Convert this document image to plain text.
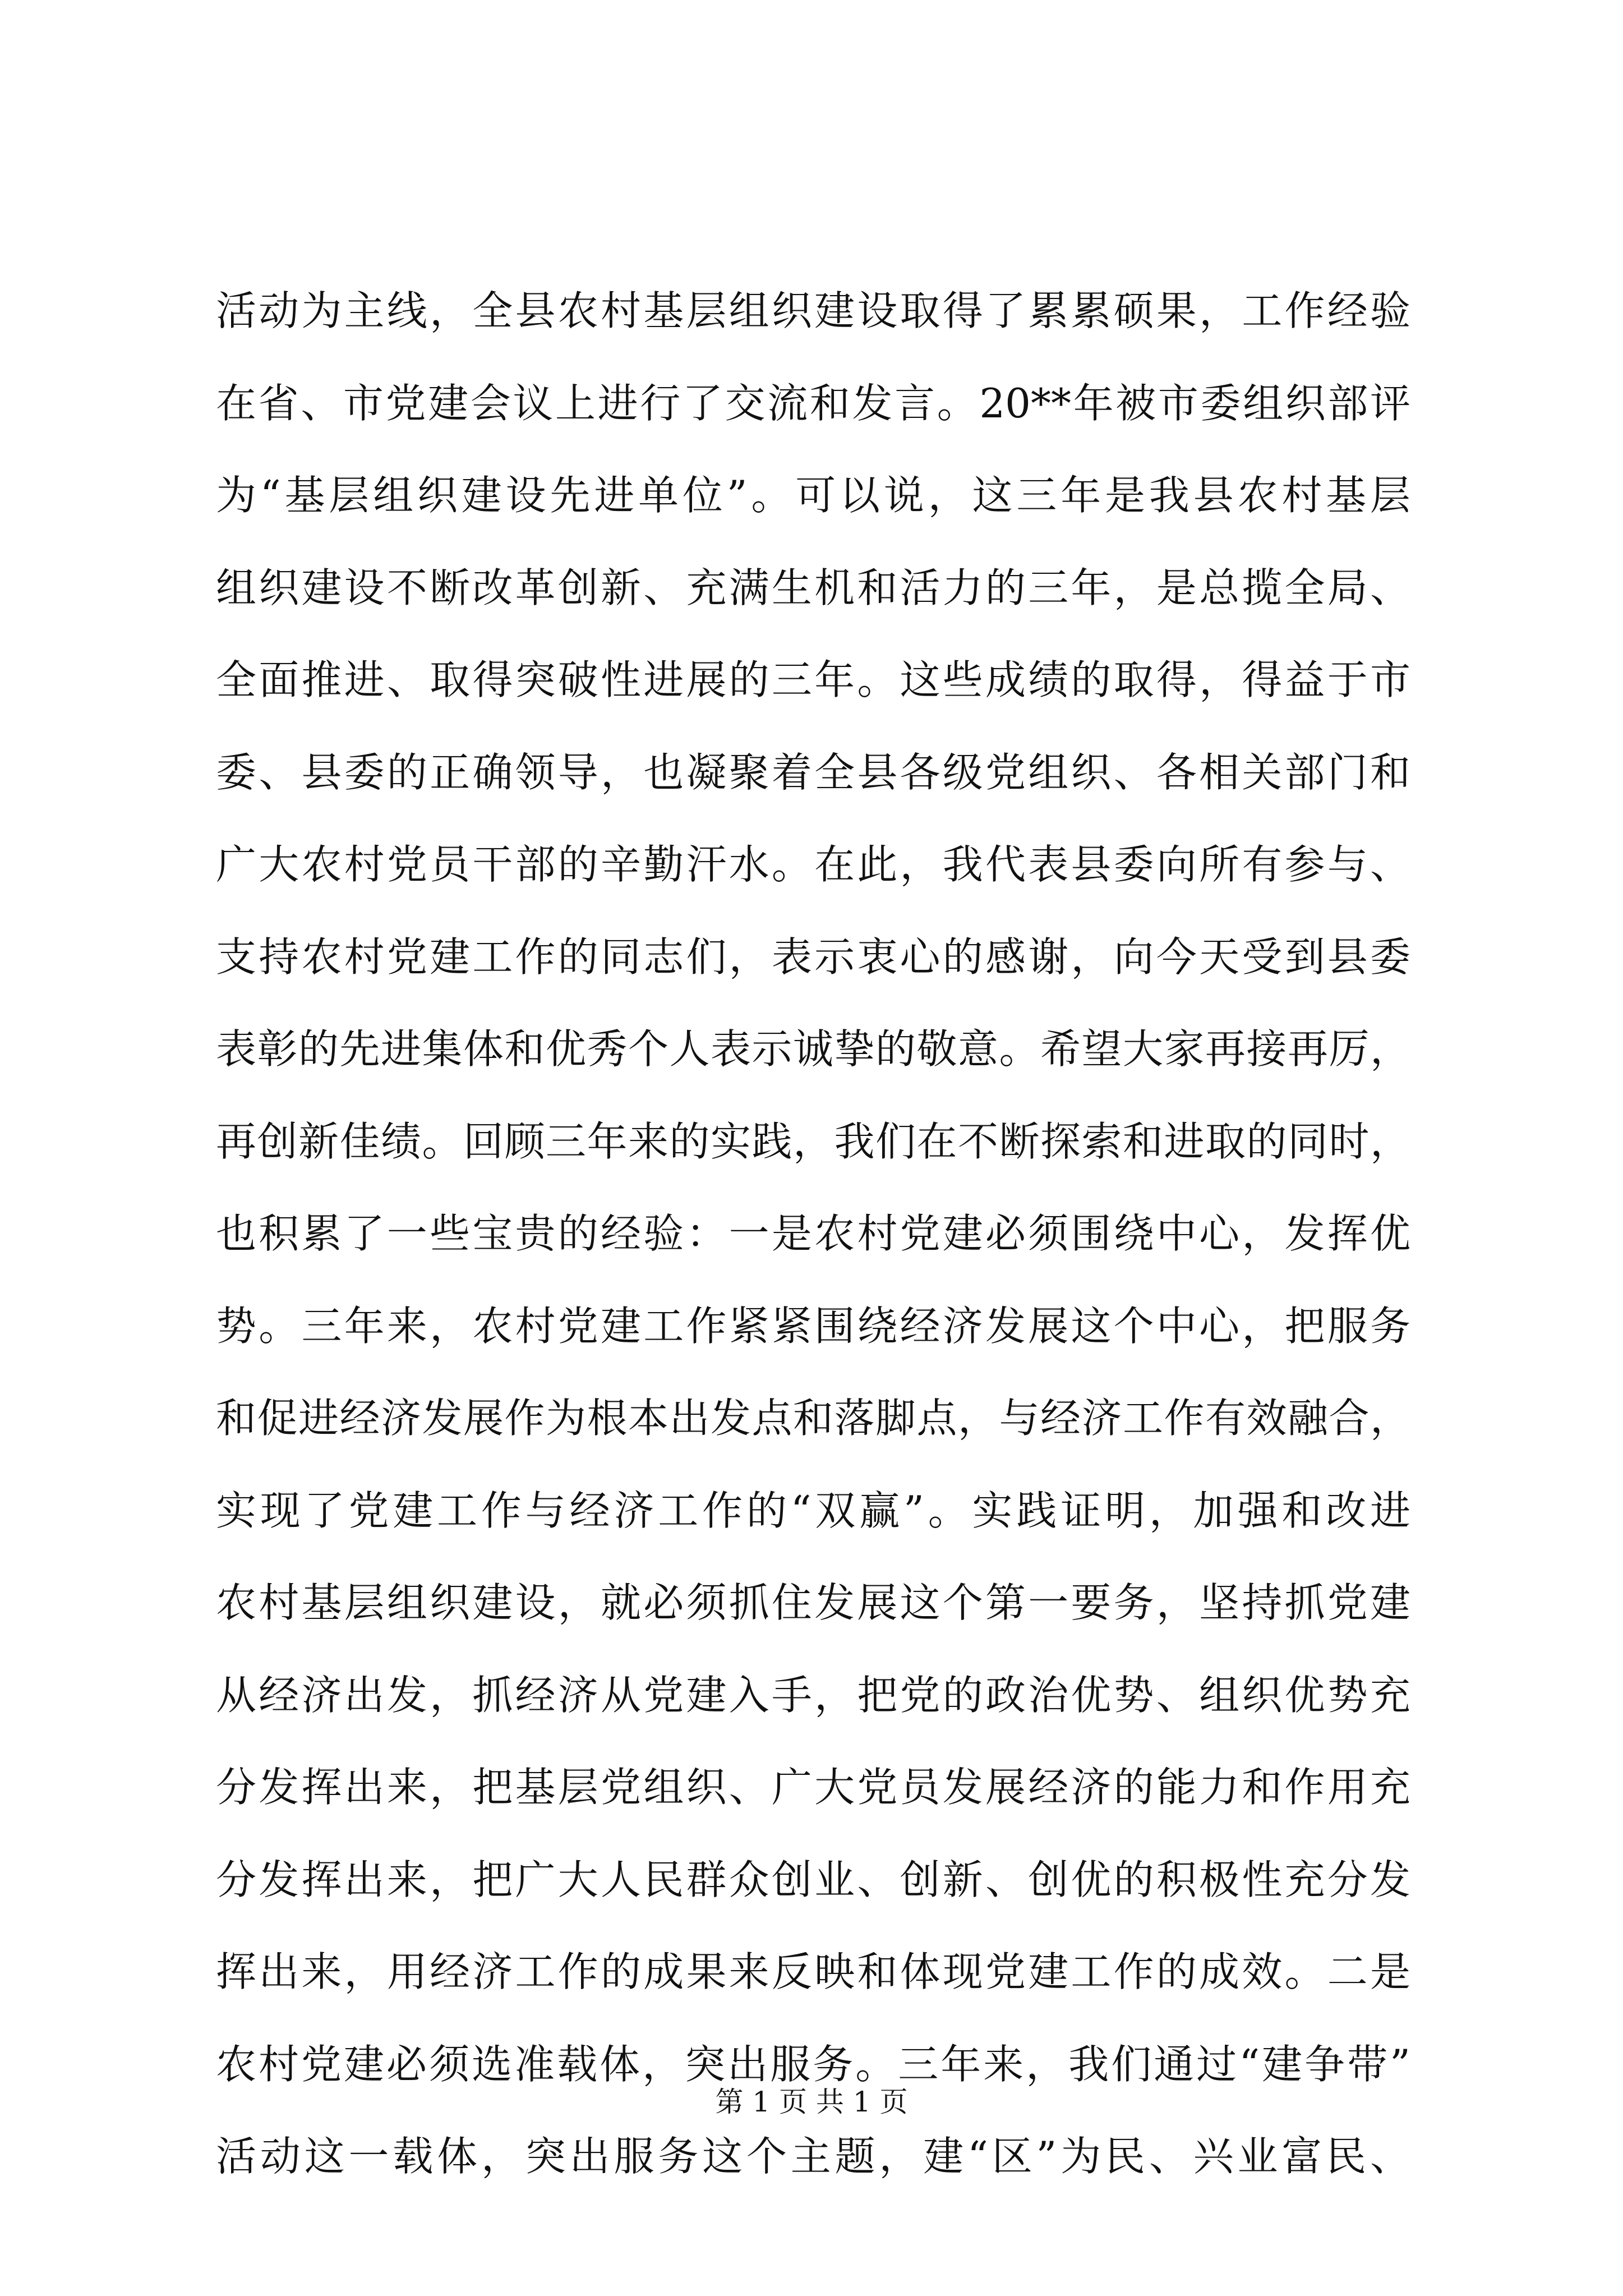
活动为主线，全县农村基层组织建设取得了累累硕果，工作经验
在省、市党建会议上进行了交流和发言。20**年被市委组织部评
为“基层组织建设先进单位”。可以说，这三年是我县农村基层
组织建设不断改革创新、充满生机和活力的三年，是总揽全局、
全面推进、取得突破性进展的三年。这些成绩的取得，得益于市
委、县委的正确领导，也凝聚着全县各级党组织、各相关部门和
广大农村党员干部的辛勤汗水。在此，我代表县委向所有参与、
支持农村党建工作的同志们，表示衷心的感谢，向今天受到县委
表彰的先进集体和优秀个人表示诚挚的敬意。希望大家再接再厉，
再创新佳绩。回顾三年来的实践，我们在不断探索和进取的同时，
也积累了一些宝贵的经验：一是农村党建必须围绕中心，发挥优
势。三年来，农村党建工作紧紧围绕经济发展这个中心，把服务
和促进经济发展作为根本出发点和落脚点，与经济工作有效融合，
实现了党建工作与经济工作的“双赢”。实践证明，加强和改进
农村基层组织建设，就必须抓住发展这个第一要务，坚持抓党建
从经济出发，抓经济从党建入手，把党的政治优势、组织优势充
分发挥出来，把基层党组织、广大党员发展经济的能力和作用充
分发挥出来，把广大人民群众创业、创新、创优的积极性充分发
挥出来，用经济工作的成果来反映和体现党建工作的成效。二是
农村党建必须选准载体，突出服务。三年来，我们通过“建争带”
活动这一载体，突出服务这个主题，建“区”为民、兴业富民、
第 1 页 共 1 页
